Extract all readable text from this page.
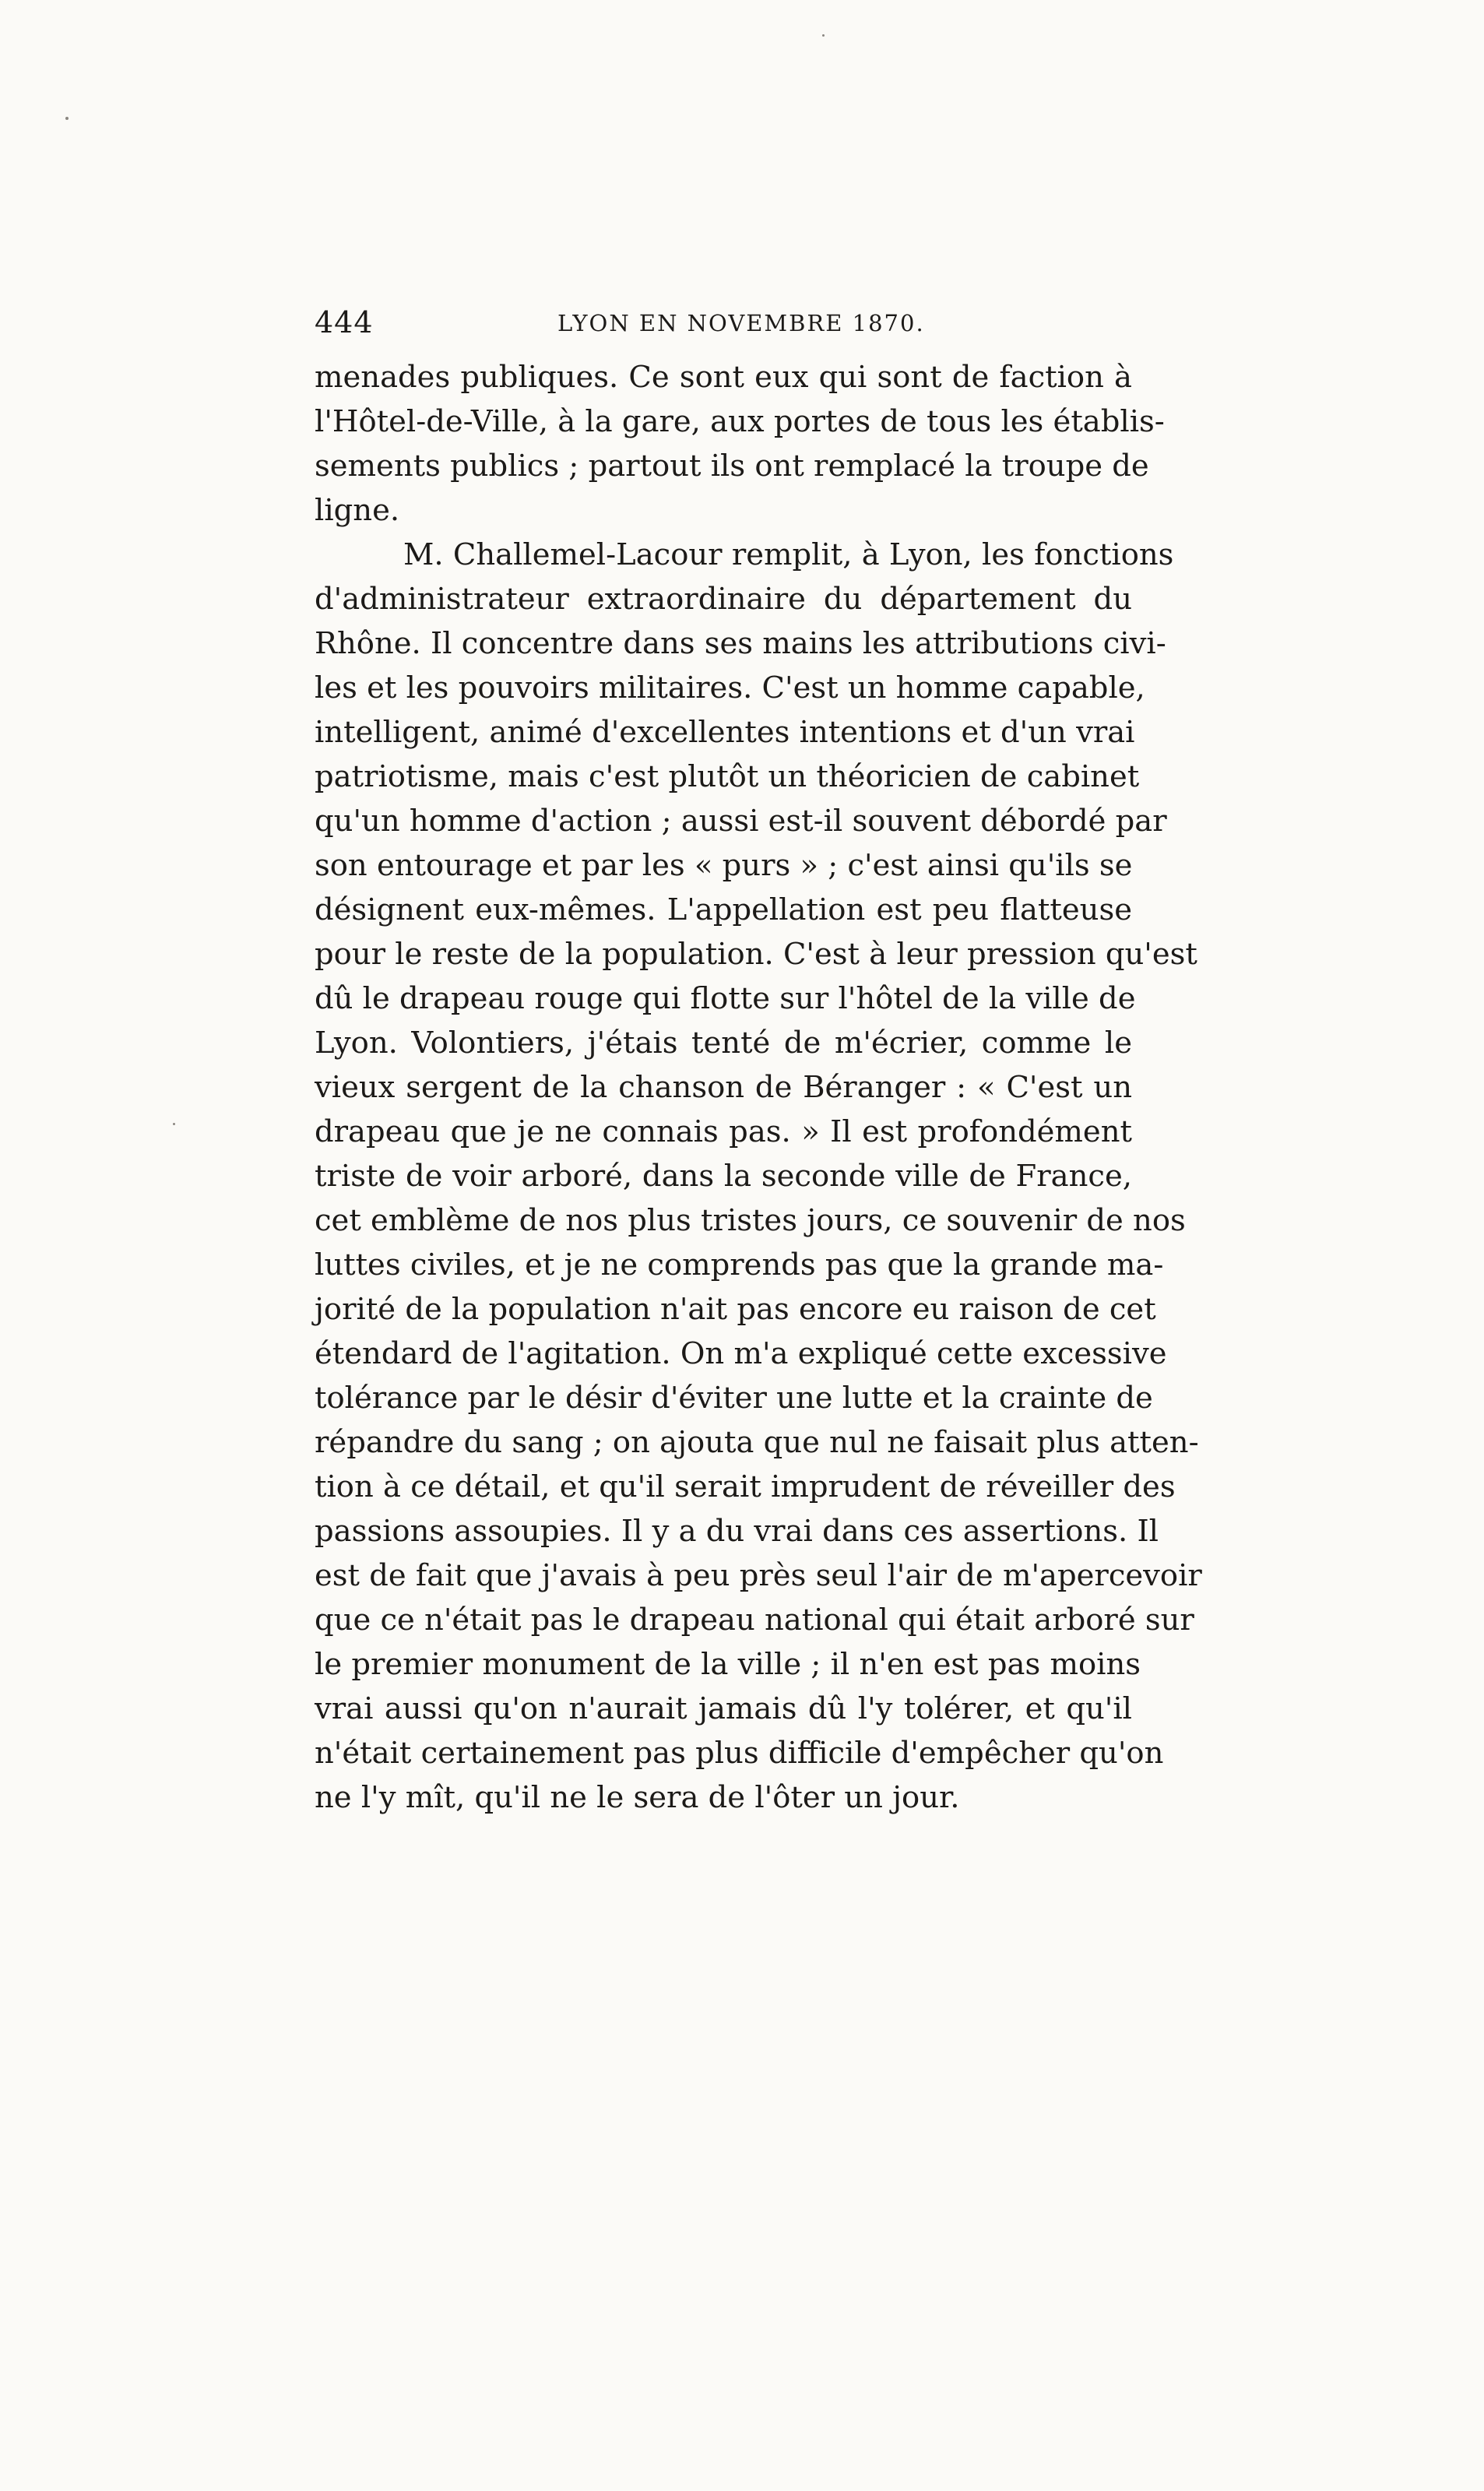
444	LYON EN NOVEMBRE 1870.
menades publiques. Ce sont eux qui sont de faction à
l'Hôtel-de-Ville, à la gare, aux portes de tous les établis-
sements publics ; partout ils ont remplacé la troupe de
ligne.
M. Challemel-Lacour remplit, à Lyon, les fonctions
d'administrateur extraordinaire du département du
Rhône. Il concentre dans ses mains les attributions civi-
les et les pouvoirs militaires. C'est un homme capable,
intelligent, animé d'excellentes intentions et d'un vrai
patriotisme, mais c'est plutôt un théoricien de cabinet
qu'un homme d'action ; aussi est-il souvent débordé par
son entourage et par les « purs » ; c'est ainsi qu'ils se
désignent eux-mêmes. L'appellation est peu flatteuse
pour le reste de la population. C'est à leur pression qu'est
dû le drapeau rouge qui flotte sur l'hôtel de la ville de
Lyon. Volontiers, j'étais tenté de m'écrier, comme le
vieux sergent de la chanson de Béranger : « C'est un
drapeau que je ne connais pas. » Il est profondément
triste de voir arboré, dans la seconde ville de France,
cet emblème de nos plus tristes jours, ce souvenir de nos
luttes civiles, et je ne comprends pas que la grande ma-
jorité de la population n'ait pas encore eu raison de cet
étendard de l'agitation. On m'a expliqué cette excessive
tolérance par le désir d'éviter une lutte et la crainte de
répandre du sang ; on ajouta que nul ne faisait plus atten-
tion à ce détail, et qu'il serait imprudent de réveiller des
passions assoupies. Il y a du vrai dans ces assertions. Il
est de fait que j'avais à peu près seul l'air de m'apercevoir
que ce n'était pas le drapeau national qui était arboré sur
le premier monument de la ville ; il n'en est pas moins
vrai aussi qu'on n'aurait jamais dû l'y tolérer, et qu'il
n'était certainement pas plus difficile d'empêcher qu'on
ne l'y mît, qu'il ne le sera de l'ôter un jour.
